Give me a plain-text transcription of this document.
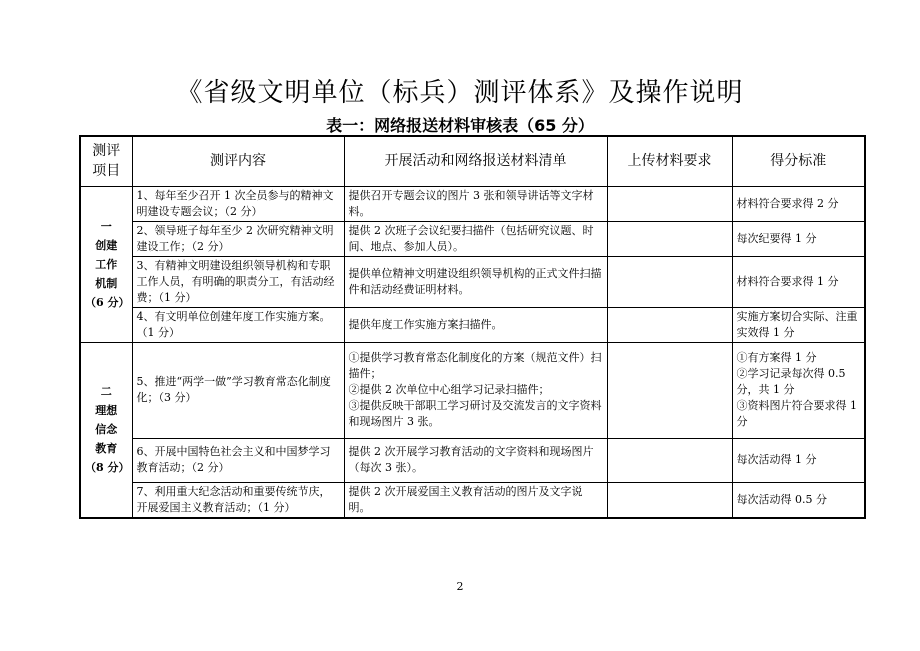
《省级文明单位（标兵）测评体系》及操作说明
表一：网络报送材料审核表（65 分）
测评
项目	测评内容	开展活动和网络报送材料清单	上传材料要求	得分标准

一
创建
工作
机制
（6 分）	1、每年至少召开 1 次全员参与的精神文明建设专题会议；（2 分）	提供召开专题会议的图片 3 张和领导讲话等文字材料。		材料符合要求得 2 分

	2、领导班子每年至少 2 次研究精神文明建设工作；（2 分）	提供 2 次班子会议纪要扫描件（包括研究议题、时间、地点、参加人员）。		每次纪要得 1 分

	3、有精神文明建设组织领导机构和专职工作人员，有明确的职责分工，有活动经费；（1 分）	提供单位精神文明建设组织领导机构的正式文件扫描件和活动经费证明材料。		材料符合要求得 1 分

	4、有文明单位创建年度工作实施方案。（1 分）	提供年度工作实施方案扫描件。		实施方案切合实际、注重实效得 1 分

二
理想
信念
教育
（8 分）	5、推进“两学一做”学习教育常态化制度化；（3 分）	①提供学习教育常态化制度化的方案（规范文件）扫描件；
②提供 2 次单位中心组学习记录扫描件；
③提供反映干部职工学习研讨及交流发言的文字资料和现场图片 3 张。		①有方案得 1 分
②学习记录每次得 0.5 分，共 1 分
③资料图片符合要求得 1 分

	6、开展中国特色社会主义和中国梦学习教育活动；（2 分）	提供 2 次开展学习教育活动的文字资料和现场图片（每次 3 张）。		每次活动得 1 分

	7、利用重大纪念活动和重要传统节庆，开展爱国主义教育活动；（1 分）	提供 2 次开展爱国主义教育活动的图片及文字说明。		每次活动得 0.5 分
2
